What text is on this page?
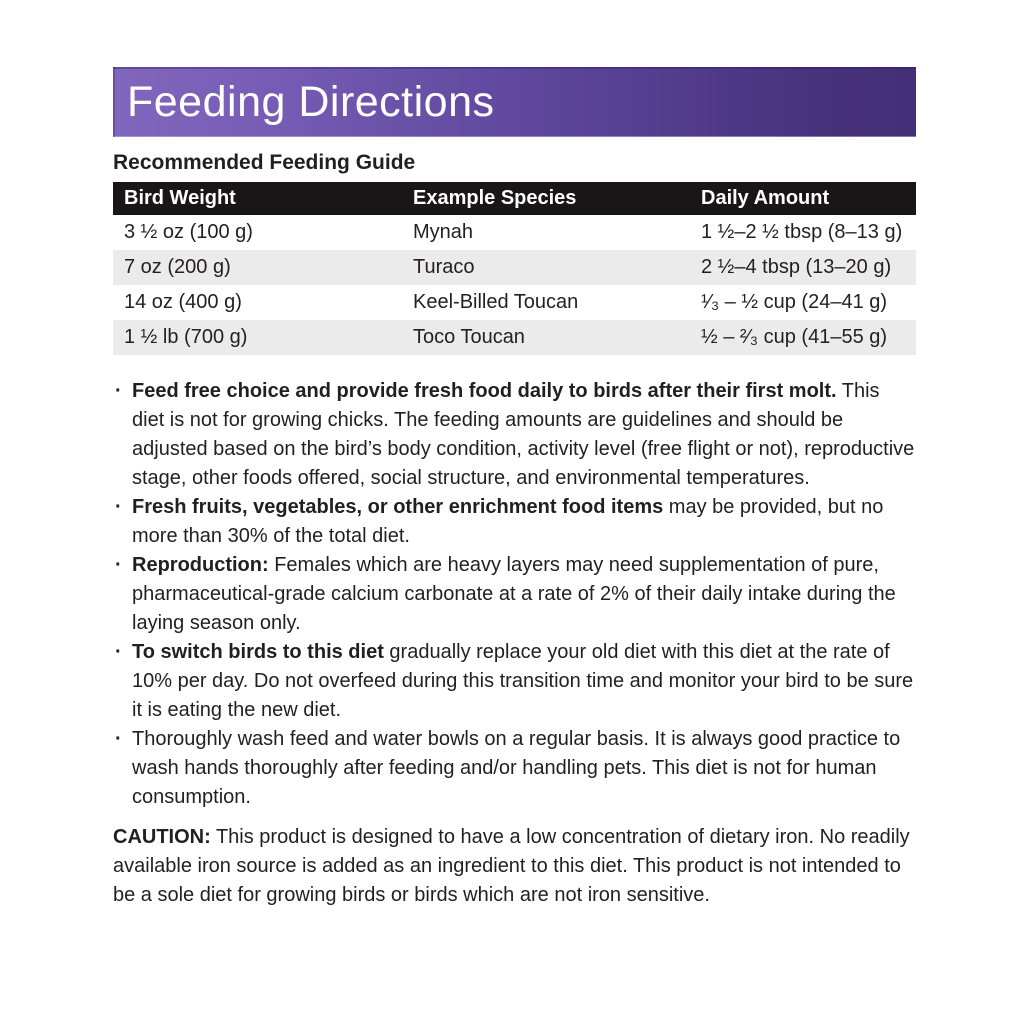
Feeding Directions
Recommended Feeding Guide
Bird Weight	Example Species	Daily Amount
3 ½ oz (100 g)	Mynah	1 ½–2 ½ tbsp (8–13 g)
7 oz (200 g)	Turaco	2 ½–4 tbsp (13–20 g)
14 oz (400 g)	Keel-Billed Toucan	¹⁄₃ – ½ cup (24–41 g)
1 ½ lb (700 g)	Toco Toucan	½ – ²⁄₃ cup (41–55 g)
· Feed free choice and provide fresh food daily to birds after their first molt. This diet is not for growing chicks. The feeding amounts are guidelines and should be adjusted based on the bird’s body condition, activity level (free flight or not), reproductive stage, other foods offered, social structure, and environmental temperatures.
· Fresh fruits, vegetables, or other enrichment food items may be provided, but no more than 30% of the total diet.
· Reproduction: Females which are heavy layers may need supplementation of pure, pharmaceutical-grade calcium carbonate at a rate of 2% of their daily intake during the laying season only.
· To switch birds to this diet gradually replace your old diet with this diet at the rate of 10% per day. Do not overfeed during this transition time and monitor your bird to be sure it is eating the new diet.
· Thoroughly wash feed and water bowls on a regular basis. It is always good practice to wash hands thoroughly after feeding and/or handling pets. This diet is not for human consumption.

CAUTION: This product is designed to have a low concentration of dietary iron. No readily available iron source is added as an ingredient to this diet. This product is not intended to be a sole diet for growing birds or birds which are not iron sensitive.
